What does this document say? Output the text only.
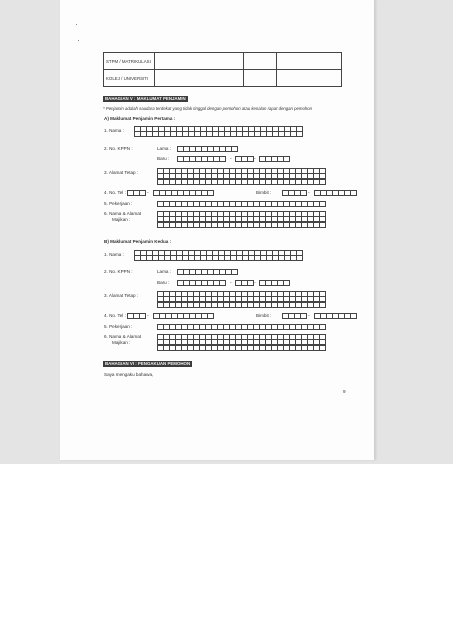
STPM / MATRIKULASI			
KOLEJ / UNIVERSITI			
BAHAGIAN V : MAKLUMAT PENJAMIN
* Penjamin adalah saudara terdekat yang tidak tinggal dengan pemohon atau kenalan rapat dengan pemohon
A) Maklumat Penjamin Pertama :
1. Nama :
2. No. KPPN :	Lama :
Baru :	-	-
3. Alamat Tetap :
4. No. Tel :	-	Bimbit :	-
5. Pekerjaan :
6. Nama & Alamat
Majikan :
B) Maklumat Penjamin Kedua :
1. Nama :
2. No. KPPN :	Lama :
Baru :	-	-
3. Alamat Tetap :
4. No. Tel :	-	Bimbit :	-
5. Pekerjaan :
6. Nama & Alamat
Majikan :
BAHAGIAN VI : PENGAKUAN PEMOHON
Saya mengaku bahawa,
9
